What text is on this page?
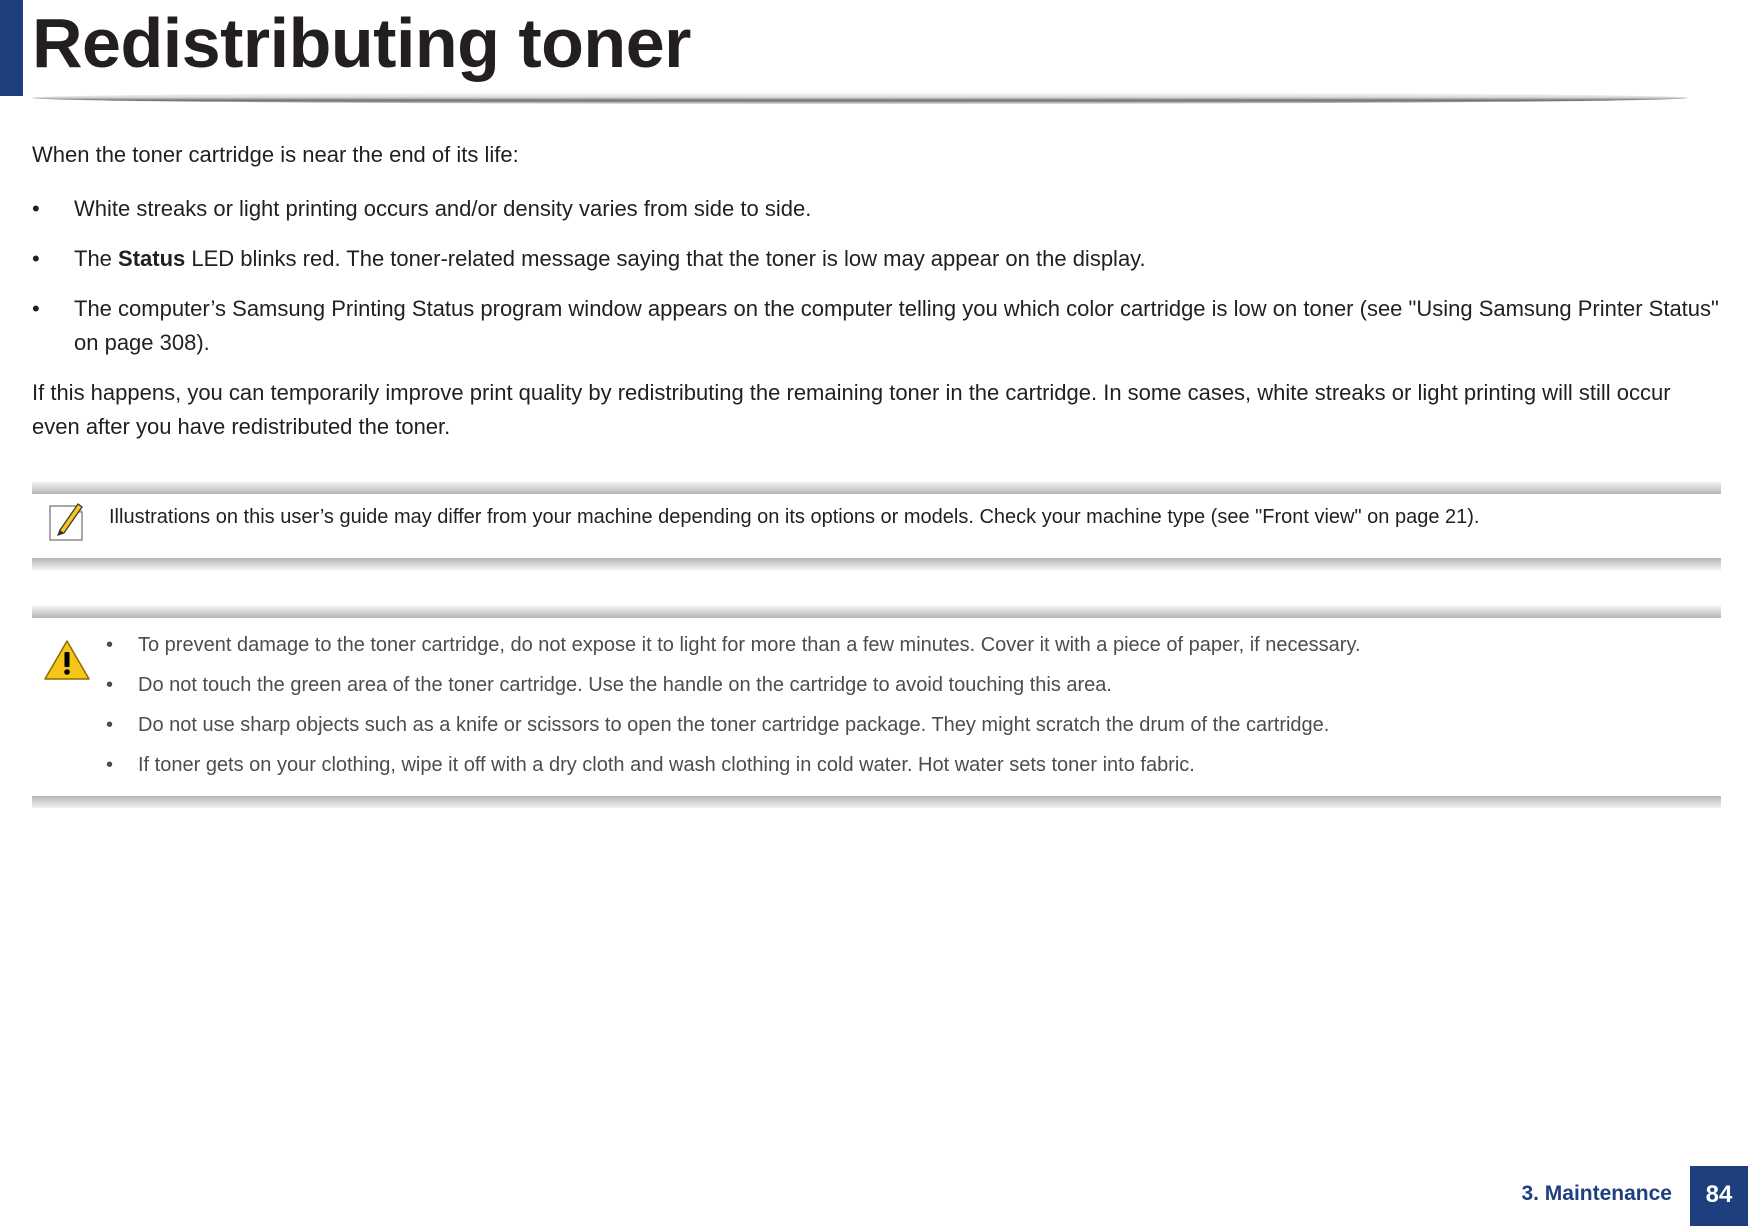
Redistributing toner

When the toner cartridge is near the end of its life:

• White streaks or light printing occurs and/or density varies from side to side.
• The Status LED blinks red. The toner-related message saying that the toner is low may appear on the display.
• The computer’s Samsung Printing Status program window appears on the computer telling you which color cartridge is low on toner (see "Using Samsung Printer Status" on page 308).

If this happens, you can temporarily improve print quality by redistributing the remaining toner in the cartridge. In some cases, white streaks or light printing will still occur even after you have redistributed the toner.

Illustrations on this user’s guide may differ from your machine depending on its options or models. Check your machine type (see "Front view" on page 21).
• To prevent damage to the toner cartridge, do not expose it to light for more than a few minutes. Cover it with a piece of paper, if necessary.
• Do not touch the green area of the toner cartridge. Use the handle on the cartridge to avoid touching this area.
• Do not use sharp objects such as a knife or scissors to open the toner cartridge package. They might scratch the drum of the cartridge.
• If toner gets on your clothing, wipe it off with a dry cloth and wash clothing in cold water. Hot water sets toner into fabric.
3. Maintenance	84
